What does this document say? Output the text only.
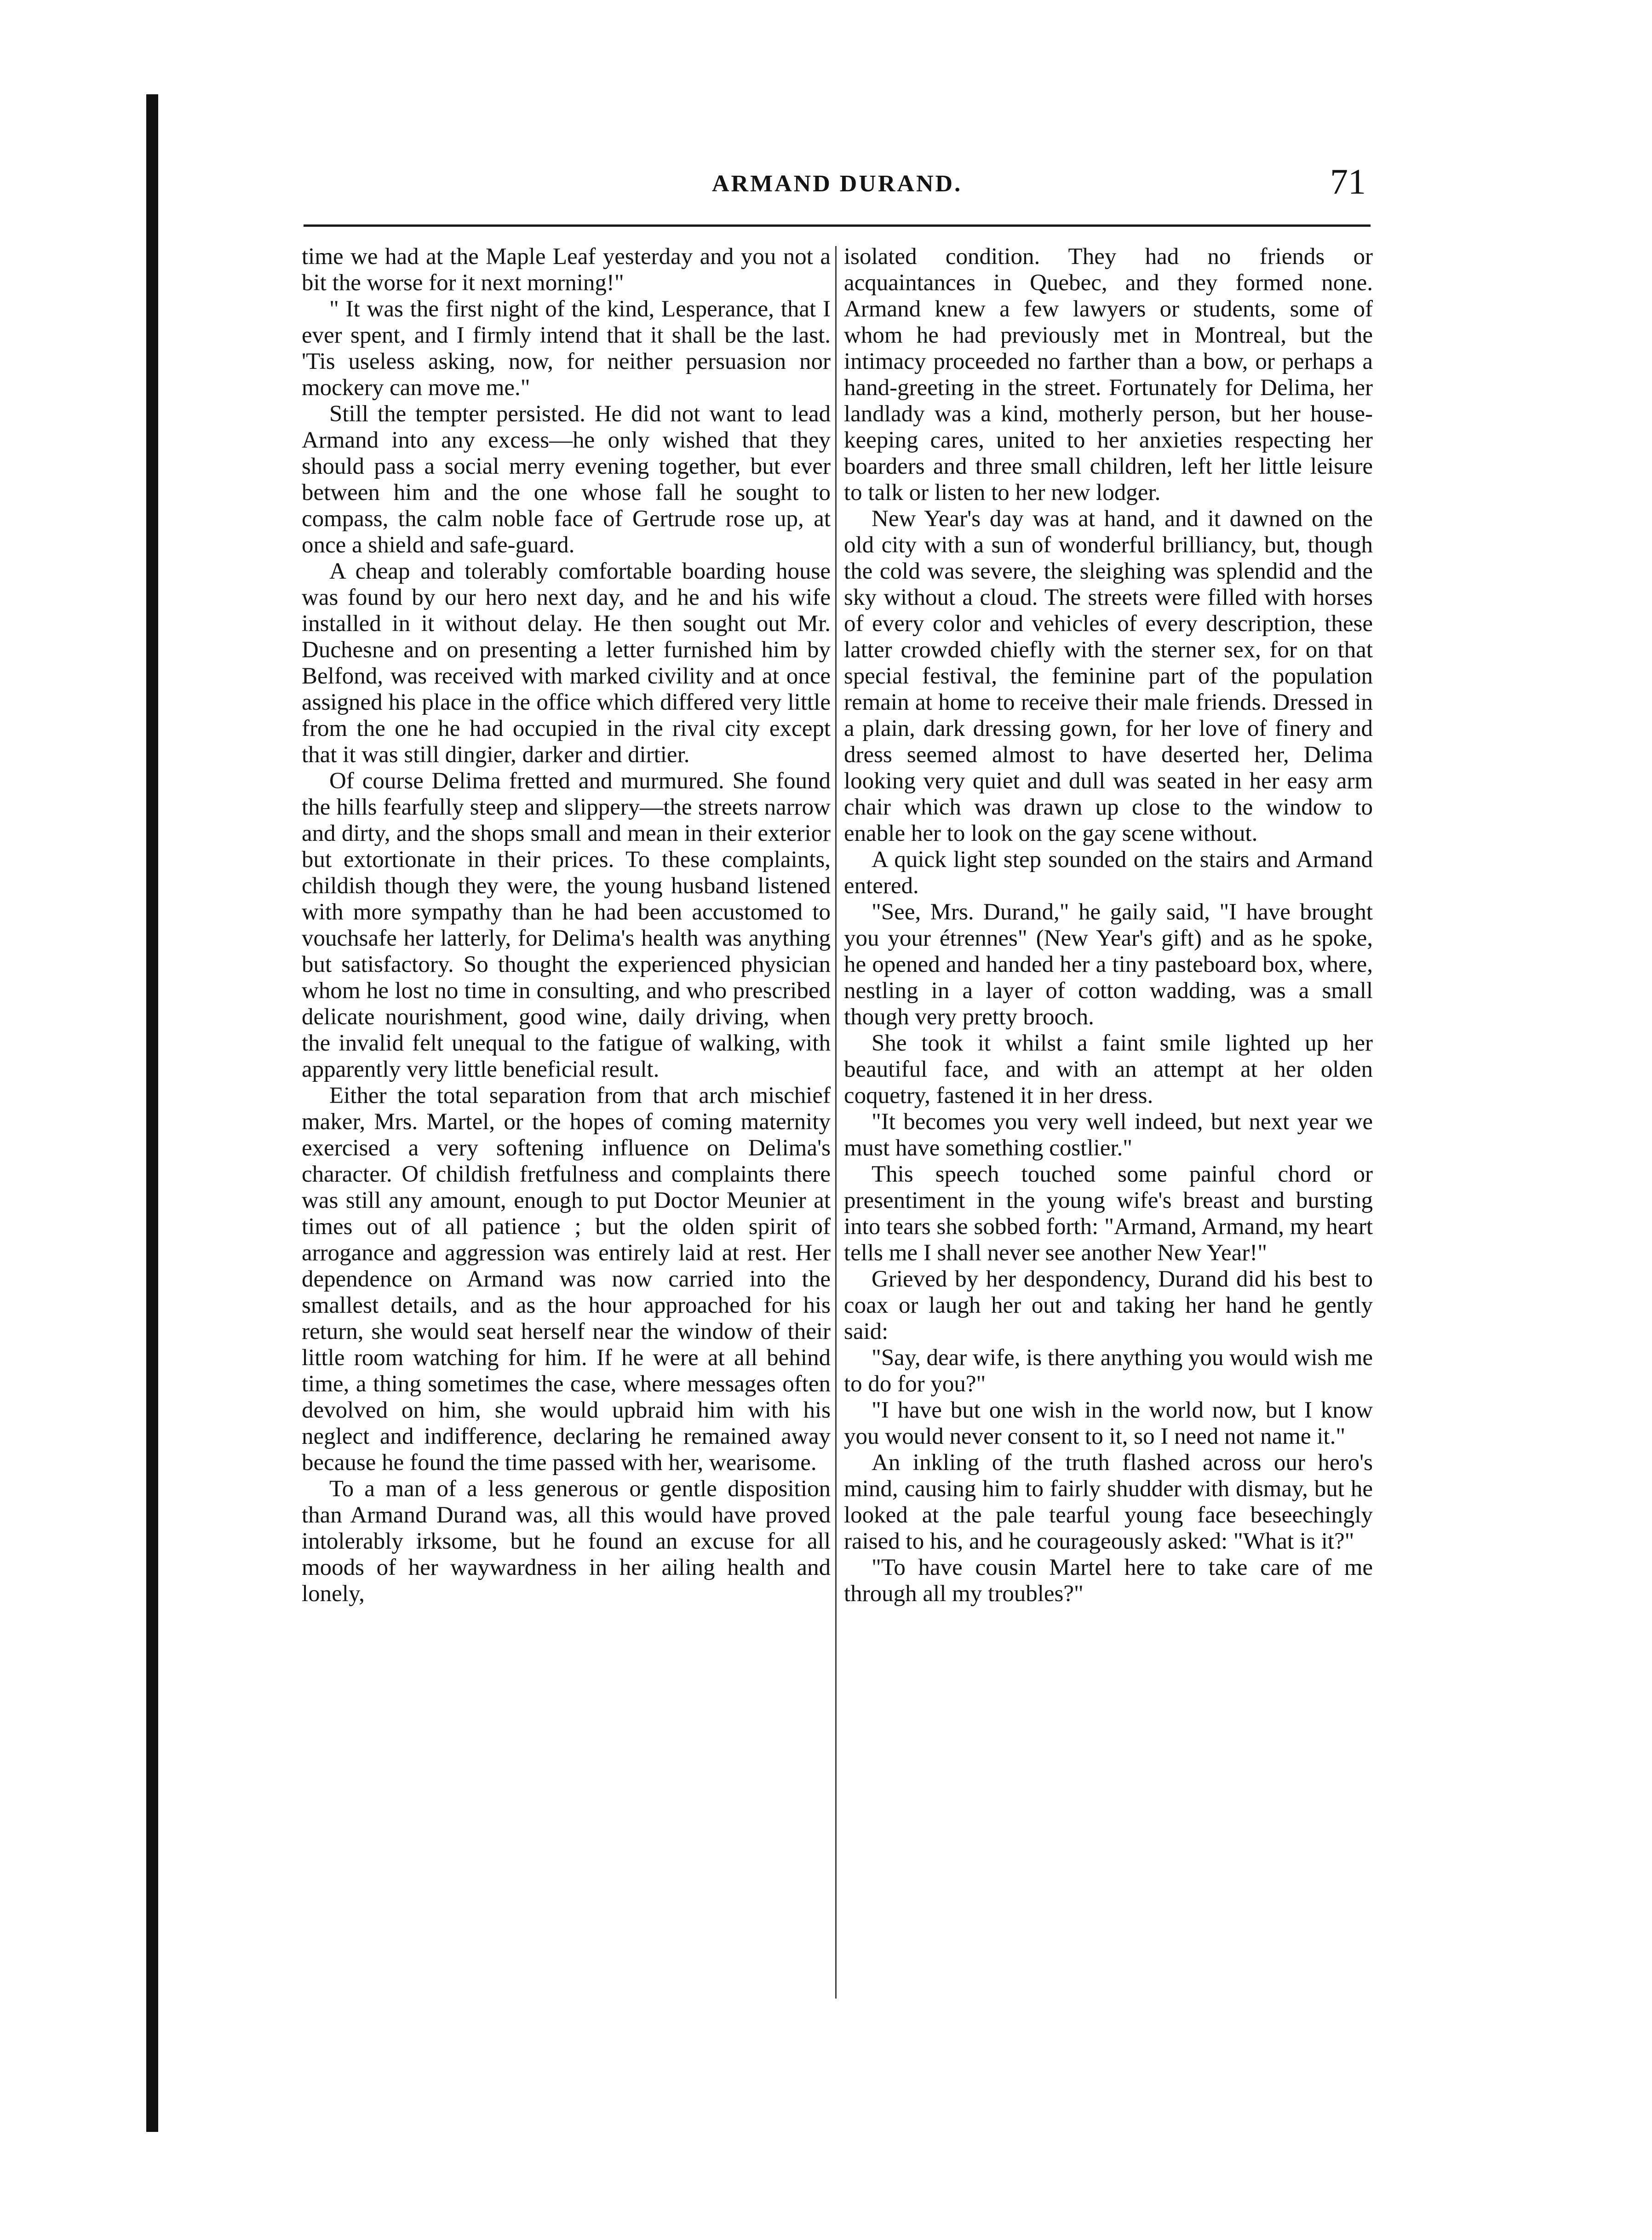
ARMAND DURAND.	71

time we had at the Maple Leaf yesterday and you not a bit the worse for it next morning!"

" It was the first night of the kind, Lesperance, that I ever spent, and I firmly intend that it shall be the last. 'Tis useless asking, now, for neither persuasion nor mockery can move me."

Still the tempter persisted. He did not want to lead Armand into any excess—he only wished that they should pass a social merry evening together, but ever between him and the one whose fall he sought to compass, the calm noble face of Gertrude rose up, at once a shield and safe-guard.

A cheap and tolerably comfortable boarding house was found by our hero next day, and he and his wife installed in it without delay. He then sought out Mr. Duchesne and on presenting a letter furnished him by Belfond, was received with marked civility and at once assigned his place in the office which differed very little from the one he had occupied in the rival city except that it was still dingier, darker and dirtier.

Of course Delima fretted and murmured. She found the hills fearfully steep and slippery—the streets narrow and dirty, and the shops small and mean in their exterior but extortionate in their prices. To these complaints, childish though they were, the young husband listened with more sympathy than he had been accustomed to vouchsafe her latterly, for Delima's health was anything but satisfactory. So thought the experienced physician whom he lost no time in consulting, and who prescribed delicate nourishment, good wine, daily driving, when the invalid felt unequal to the fatigue of walking, with apparently very little beneficial result.

Either the total separation from that arch mischief maker, Mrs. Martel, or the hopes of coming maternity exercised a very softening influence on Delima's character. Of childish fretfulness and complaints there was still any amount, enough to put Doctor Meunier at times out of all patience ; but the olden spirit of arrogance and aggression was entirely laid at rest. Her dependence on Armand was now carried into the smallest details, and as the hour approached for his return, she would seat herself near the window of their little room watching for him. If he were at all behind time, a thing sometimes the case, where messages often devolved on him, she would upbraid him with his neglect and indifference, declaring he remained away because he found the time passed with her, wearisome.

To a man of a less generous or gentle disposition than Armand Durand was, all this would have proved intolerably irksome, but he found an excuse for all moods of her waywardness in her ailing health and lonely,

isolated condition. They had no friends or acquaintances in Quebec, and they formed none. Armand knew a few lawyers or students, some of whom he had previously met in Montreal, but the intimacy proceeded no farther than a bow, or perhaps a hand-greeting in the street. Fortunately for Delima, her landlady was a kind, motherly person, but her house-keeping cares, united to her anxieties respecting her boarders and three small children, left her little leisure to talk or listen to her new lodger.

New Year's day was at hand, and it dawned on the old city with a sun of wonderful brilliancy, but, though the cold was severe, the sleighing was splendid and the sky without a cloud. The streets were filled with horses of every color and vehicles of every description, these latter crowded chiefly with the sterner sex, for on that special festival, the feminine part of the population remain at home to receive their male friends. Dressed in a plain, dark dressing gown, for her love of finery and dress seemed almost to have deserted her, Delima looking very quiet and dull was seated in her easy arm chair which was drawn up close to the window to enable her to look on the gay scene without.

A quick light step sounded on the stairs and Armand entered.

"See, Mrs. Durand," he gaily said, "I have brought you your étrennes" (New Year's gift) and as he spoke, he opened and handed her a tiny pasteboard box, where, nestling in a layer of cotton wadding, was a small though very pretty brooch.

She took it whilst a faint smile lighted up her beautiful face, and with an attempt at her olden coquetry, fastened it in her dress.

"It becomes you very well indeed, but next year we must have something costlier."

This speech touched some painful chord or presentiment in the young wife's breast and bursting into tears she sobbed forth: "Armand, Armand, my heart tells me I shall never see another New Year!"

Grieved by her despondency, Durand did his best to coax or laugh her out and taking her hand he gently said:

"Say, dear wife, is there anything you would wish me to do for you?"

"I have but one wish in the world now, but I know you would never consent to it, so I need not name it."

An inkling of the truth flashed across our hero's mind, causing him to fairly shudder with dismay, but he looked at the pale tearful young face beseechingly raised to his, and he courageously asked: "What is it?"

"To have cousin Martel here to take care of me through all my troubles?"
